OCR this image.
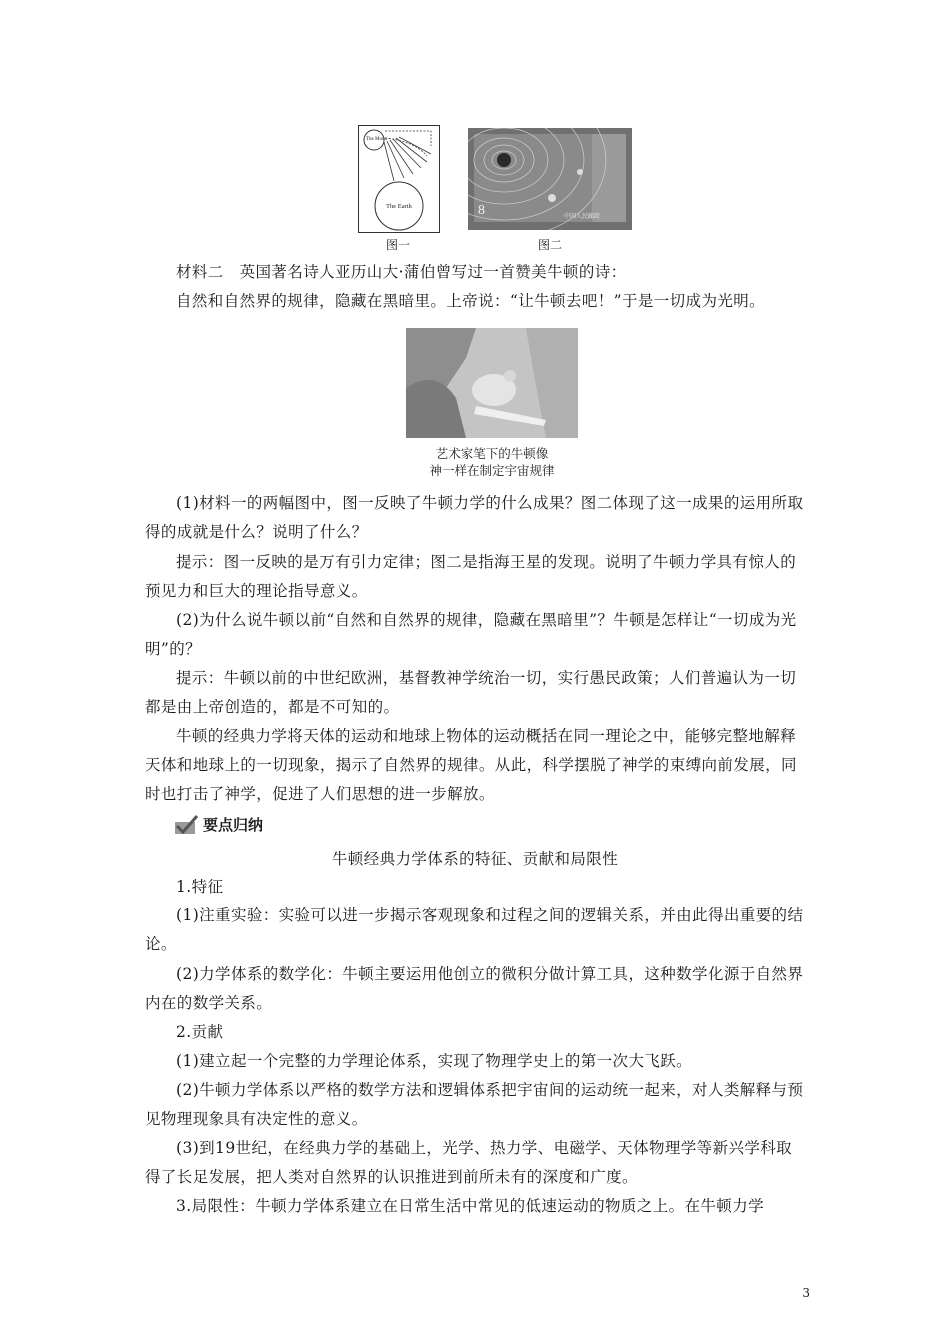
The Moon
The Earth
图一
8	中国人民邮政
图二
材料二　英国著名诗人亚历山大·蒲伯曾写过一首赞美牛顿的诗：
自然和自然界的规律，隐藏在黑暗里。上帝说：“让牛顿去吧！”于是一切成为光明。
艺术家笔下的牛顿像
神一样在制定宇宙规律
(1)材料一的两幅图中，图一反映了牛顿力学的什么成果？图二体现了这一成果的运用所取得的成就是什么？说明了什么？
提示：图一反映的是万有引力定律；图二是指海王星的发现。说明了牛顿力学具有惊人的预见力和巨大的理论指导意义。
(2)为什么说牛顿以前“自然和自然界的规律，隐藏在黑暗里”？牛顿是怎样让“一切成为光明”的？
提示：牛顿以前的中世纪欧洲，基督教神学统治一切，实行愚民政策；人们普遍认为一切都是由上帝创造的，都是不可知的。
牛顿的经典力学将天体的运动和地球上物体的运动概括在同一理论之中，能够完整地解释天体和地球上的一切现象，揭示了自然界的规律。从此，科学摆脱了神学的束缚向前发展，同时也打击了神学，促进了人们思想的进一步解放。
要点归纳
牛顿经典力学体系的特征、贡献和局限性
1.特征
(1)注重实验：实验可以进一步揭示客观现象和过程之间的逻辑关系，并由此得出重要的结论。
(2)力学体系的数学化：牛顿主要运用他创立的微积分做计算工具，这种数学化源于自然界内在的数学关系。
2.贡献
(1)建立起一个完整的力学理论体系，实现了物理学史上的第一次大飞跃。
(2)牛顿力学体系以严格的数学方法和逻辑体系把宇宙间的运动统一起来，对人类解释与预见物理现象具有决定性的意义。
(3)到19世纪，在经典力学的基础上，光学、热力学、电磁学、天体物理学等新兴学科取得了长足发展，把人类对自然界的认识推进到前所未有的深度和广度。
3.局限性：牛顿力学体系建立在日常生活中常见的低速运动的物质之上。在牛顿力学
3
